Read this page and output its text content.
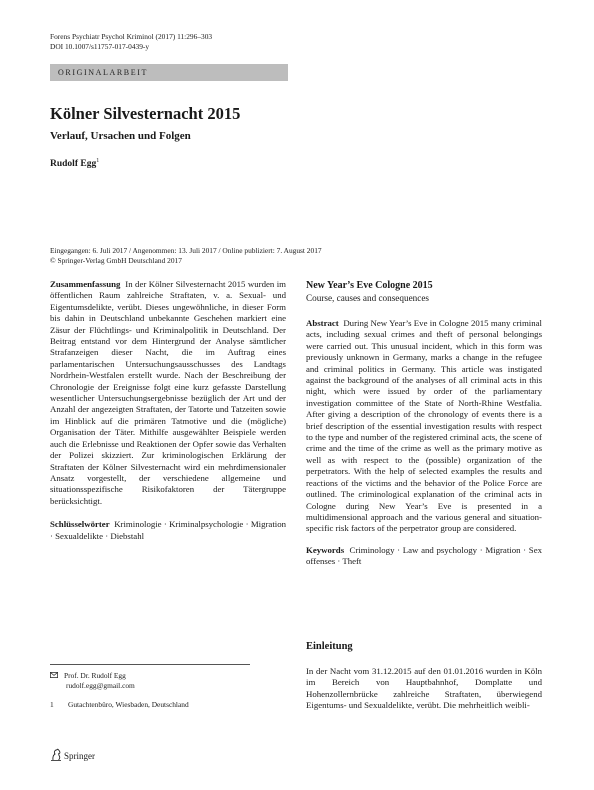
Forens Psychiatr Psychol Kriminol (2017) 11:296–303
DOI 10.1007/s11757-017-0439-y
ORIGINALARBEIT
Kölner Silvesternacht 2015
Verlauf, Ursachen und Folgen
Rudolf Egg$^1$
Eingegangen: 6. Juli 2017 / Angenommen: 13. Juli 2017 / Online publiziert: 7. August 2017
© Springer-Verlag GmbH Deutschland 2017
Zusammenfassung In der Kölner Silvesternacht 2015 wurden im öffentlichen Raum zahlreiche Straftaten, v. a. Sexual- und Eigentumsdelikte, verübt. Dieses ungewöhnliche, in dieser Form bis dahin in Deutschland unbekannte Geschehen markiert eine Zäsur der Flüchtlings- und Kriminalpolitik in Deutschland. Der Beitrag entstand vor dem Hintergrund der Analyse sämtlicher Strafanzeigen dieser Nacht, die im Auftrag eines parlamentarischen Untersuchungsausschusses des Landtags Nordrhein-Westfalen erstellt wurde. Nach der Beschreibung der Chronologie der Ereignisse folgt eine kurz gefasste Darstellung wesentlicher Untersuchungsergebnisse bezüglich der Art und der Anzahl der angezeigten Straftaten, der Tatorte und Tatzeiten sowie im Hinblick auf die primären Tatmotive und die (mögliche) Organisation der Täter. Mithilfe ausgewählter Beispiele werden auch die Erlebnisse und Reaktionen der Opfer sowie das Verhalten der Polizei skizziert. Zur kriminologischen Erklärung der Straftaten der Kölner Silvesternacht wird ein mehrdimensionaler Ansatz vorgestellt, der verschiedene allgemeine und situationsspezifische Risikofaktoren der Tätergruppe berücksichtigt.
Schlüsselwörter Kriminologie · Kriminalpsychologie · Migration · Sexualdelikte · Diebstahl
New Year’s Eve Cologne 2015
Course, causes and consequences
Abstract During New Year’s Eve in Cologne 2015 many criminal acts, including sexual crimes and theft of personal belongings were carried out. This unusual incident, which in this form was previously unknown in Germany, marks a change in the refugee and criminal politics in Germany. This article was instigated against the background of the analyses of all criminal acts in this night, which were issued by order of the parliamentary investigation committee of the State of North-Rhine Westfalia. After giving a description of the chronology of events there is a brief description of the essential investigation results with respect to the type and number of the registered criminal acts, the scene of crime and the time of the crime as well as the primary motive as well as with respect to the (possible) organization of the perpetrators. With the help of selected examples the results and reactions of the victims and the behavior of the Police Force are outlined. The criminological explanation of the criminal acts in Cologne during New Year’s Eve is presented in a multidimensional approach and the various general and situation-specific risk factors of the perpetrator group are considered.
Keywords Criminology · Law and psychology · Migration · Sex offenses · Theft
Einleitung
In der Nacht vom 31.12.2015 auf den 01.01.2016 wurden in Köln im Bereich von Hauptbahnhof, Domplatte und Hohenzollernbrücke zahlreiche Straftaten, überwiegend Eigentums- und Sexualdelikte, verübt. Die mehrheitlich weibli-
Prof. Dr. Rudolf Egg
rudolf.egg@gmail.com
1 Gutachtenbüro, Wiesbaden, Deutschland
Springer
